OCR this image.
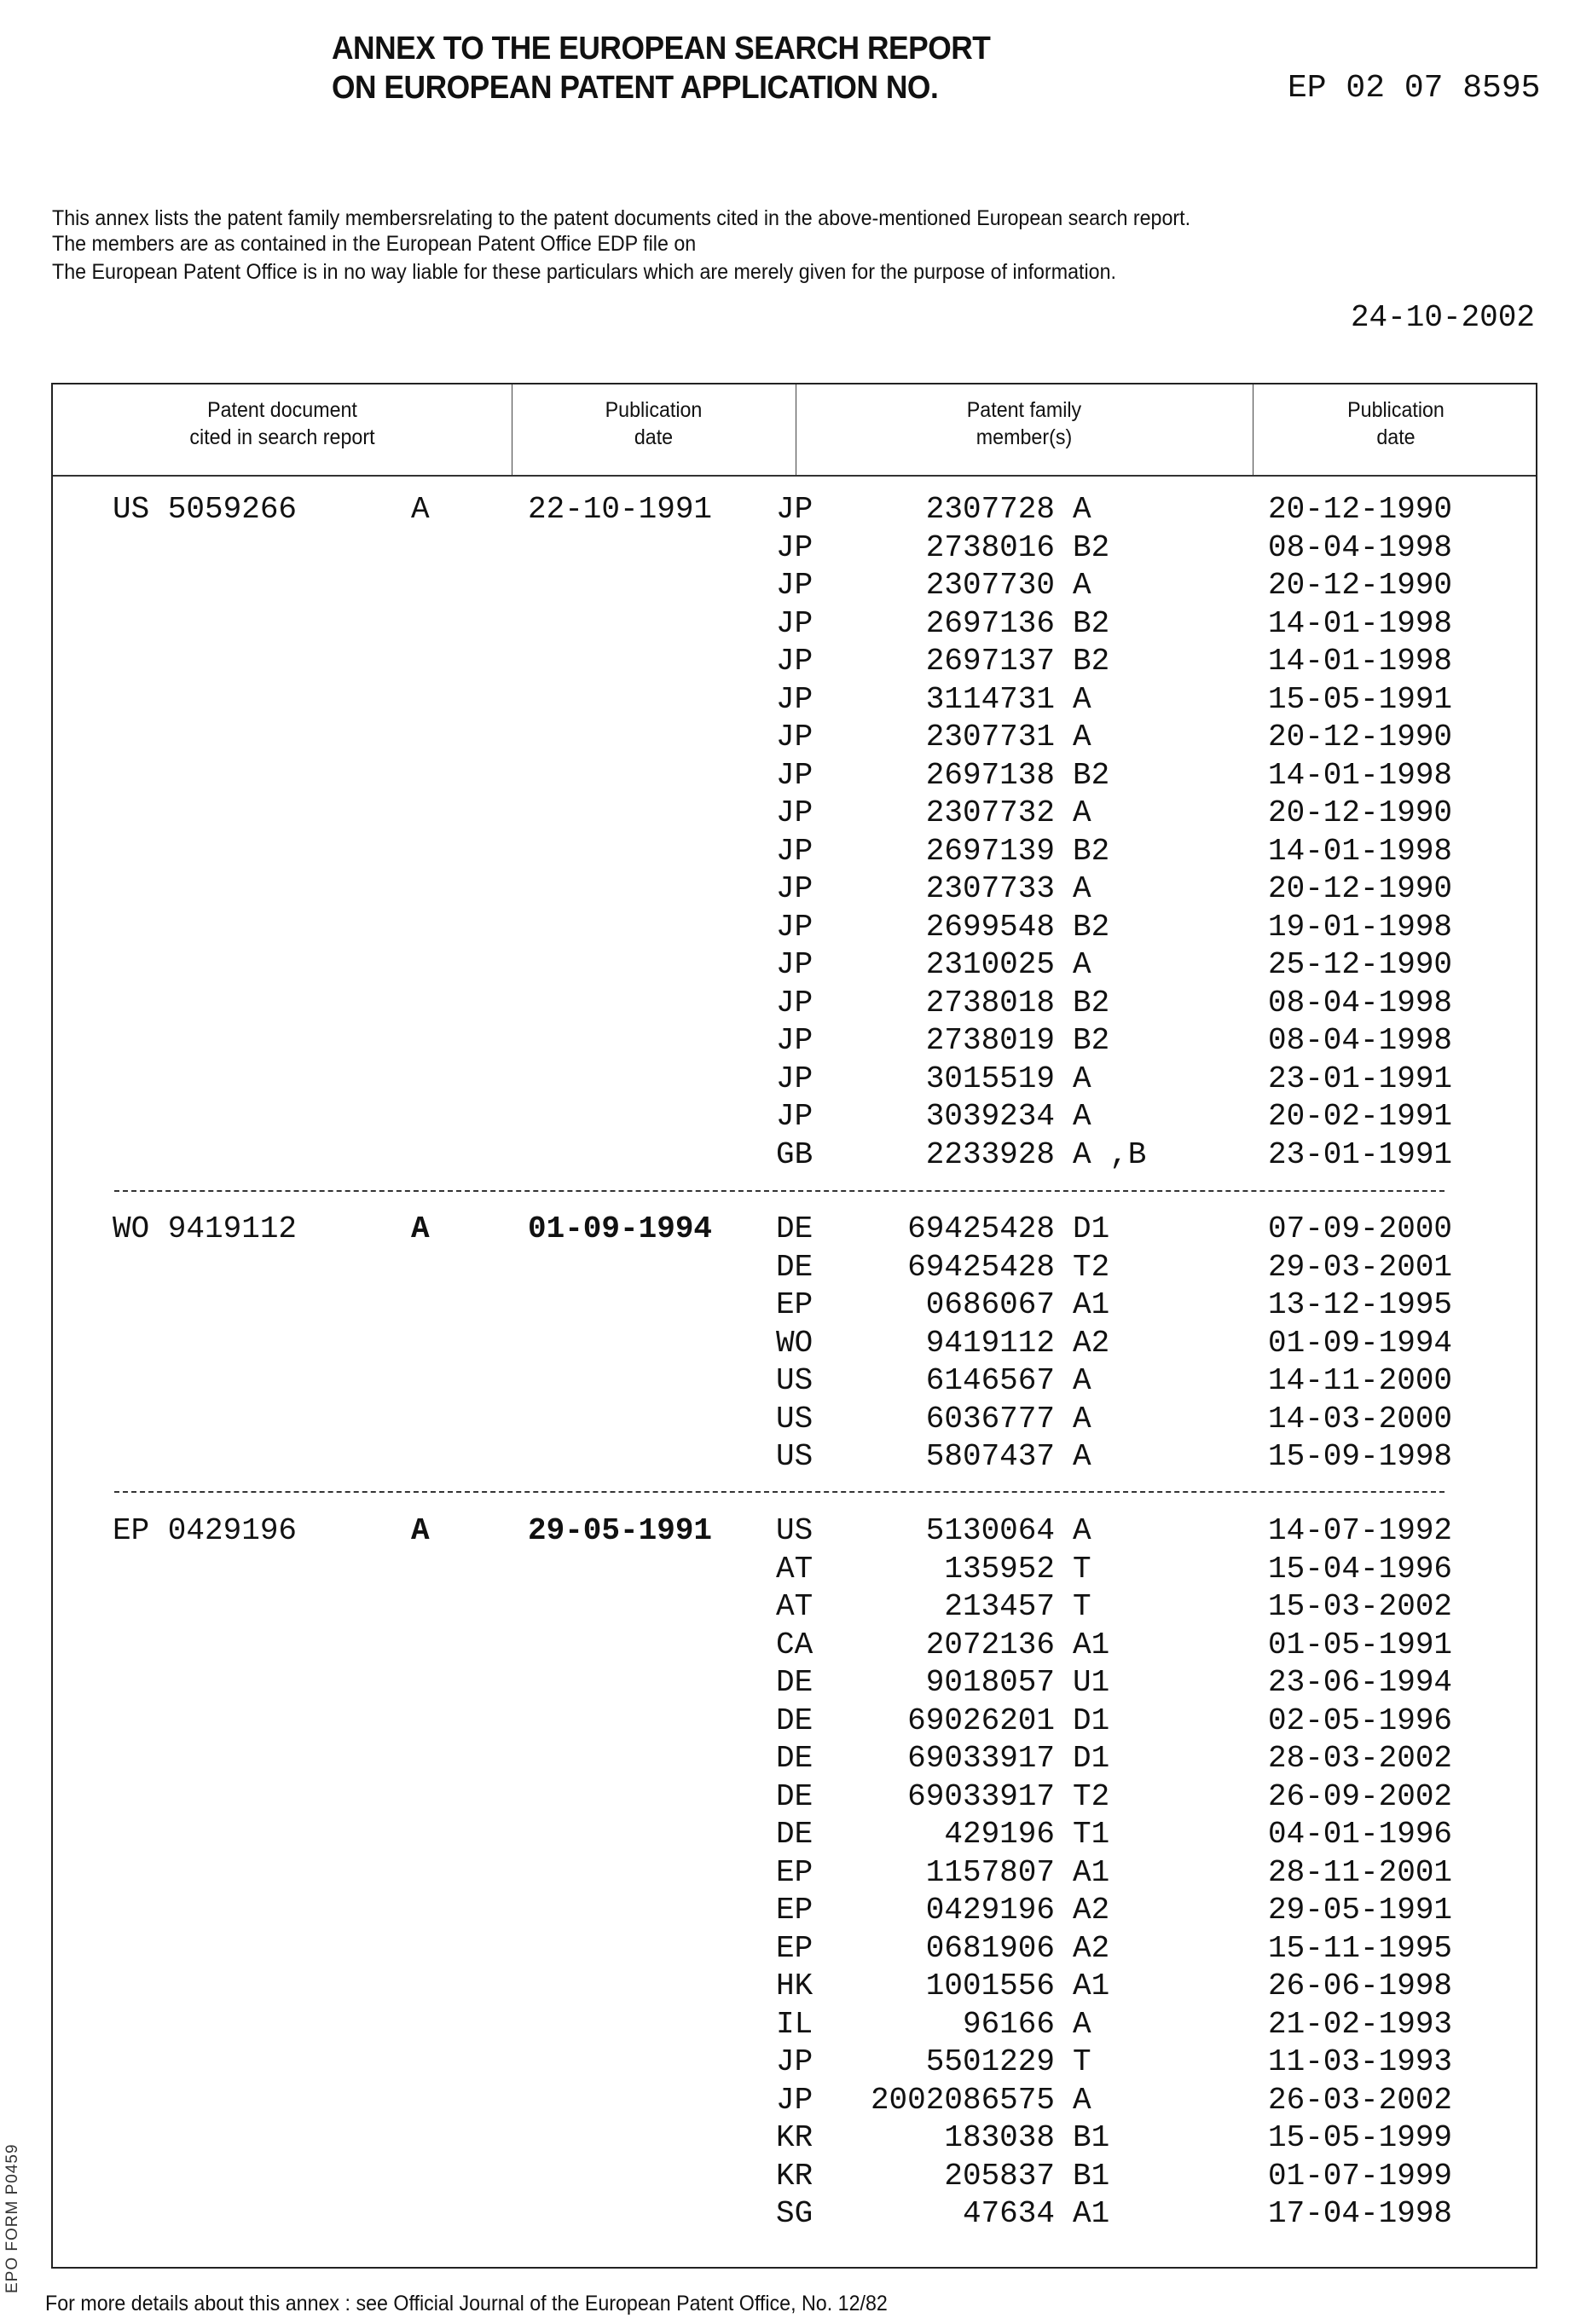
ANNEX TO THE EUROPEAN SEARCH REPORT
ON EUROPEAN PATENT APPLICATION NO.	EP 02 07 8595
This annex lists the patent family membersrelating to the patent documents cited in the above-mentioned European search report.
The members are as contained in the European Patent Office EDP file on
The European Patent Office is in no way liable for these particulars which are merely given for the purpose of information.
24-10-2002
Patent document
cited in search report
Publication
date
Patent family
member(s)
Publication
date
US 5059266	A	22-10-1991 JP	2307728 A	20-12-1990
JP	2738016 B2	08-04-1998
JP	2307730 A	20-12-1990
JP	2697136 B2	14-01-1998
JP	2697137 B2	14-01-1998
JP	3114731 A	15-05-1991
JP	2307731 A	20-12-1990
JP	2697138 B2	14-01-1998
JP	2307732 A	20-12-1990
JP	2697139 B2	14-01-1998
JP	2307733 A	20-12-1990
JP	2699548 B2	19-01-1998
JP	2310025 A	25-12-1990
JP	2738018 B2	08-04-1998
JP	2738019 B2	08-04-1998
JP	3015519 A	23-01-1991
JP	3039234 A	20-02-1991
GB	2233928 A ,B	23-01-1991
WO 9419112	A	01-09-1994 DE	69425428 D1	07-09-2000
DE	69425428 T2	29-03-2001
EP	0686067 A1	13-12-1995
WO	9419112 A2	01-09-1994
US	6146567 A	14-11-2000
US	6036777 A	14-03-2000
US	5807437 A	15-09-1998
EP 0429196	A	29-05-1991 US	5130064 A	14-07-1992
AT	135952 T	15-04-1996
AT	213457 T	15-03-2002
CA	2072136 A1	01-05-1991
DE	9018057 U1	23-06-1994
DE	69026201 D1	02-05-1996
DE	69033917 D1	28-03-2002
DE	69033917 T2	26-09-2002
DE	429196 T1	04-01-1996
EP	1157807 A1	28-11-2001
EP	0429196 A2	29-05-1991
EP	0681906 A2	15-11-1995
HK	1001556 A1	26-06-1998
IL	96166 A	21-02-1993
JP	5501229 T	11-03-1993
JP	2002086575 A	26-03-2002
KR	183038 B1	15-05-1999
KR	205837 B1	01-07-1999
SG	47634 A1	17-04-1998
For more details about this annex : see Official Journal of the European Patent Office, No. 12/82
EPO FORM P0459
